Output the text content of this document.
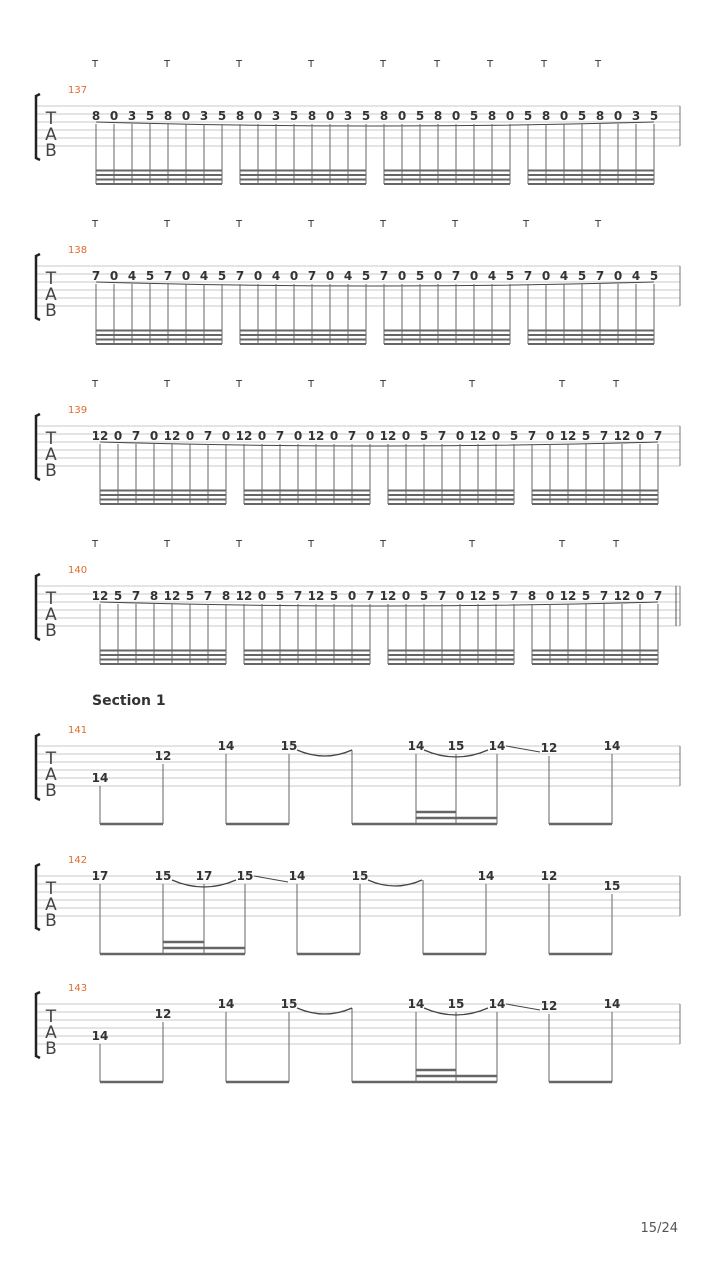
T
A
B
137
T	T	T	T	T	T	T	T	T
8 0 3 5 8 0 3 5 8 0 3 5 8 0 3 5 8 0 5 8 0 5 8 0 5 8 0 5 8 0 3 5
T
A
B
138
T	T	T	T	T	T	T	T
7 0 4 5 7 0 4 5 7 0 4 0 7 0 4 5 7 0 5 0 7 0 4 5 7 0 4 5 7 0 4 5
T
A
B
139
T	T	T	T	T	T	T	T
12 0 7 0 12 0 7 0 12 0 7 0 12 0 7 0 12 0 5 7 0 12 0 5 7 0 12 5 7 12 0 7
T
A
B
140
T	T	T	T	T	T	T	T
12 5 7 8 12 5 7 8 12 0 5 7 12 5 0 7 12 0 5 7 0 12 5 7 8 0 12 5 7 12 0 7
T
A
B
141
14
12
14	15	14 15 14	12	14
T
A
B
142
17	15 17 15	14	15	14	12
15
T
A
B
143
14
12
14	15	14 15 14	12	14
Section 1
15/24
